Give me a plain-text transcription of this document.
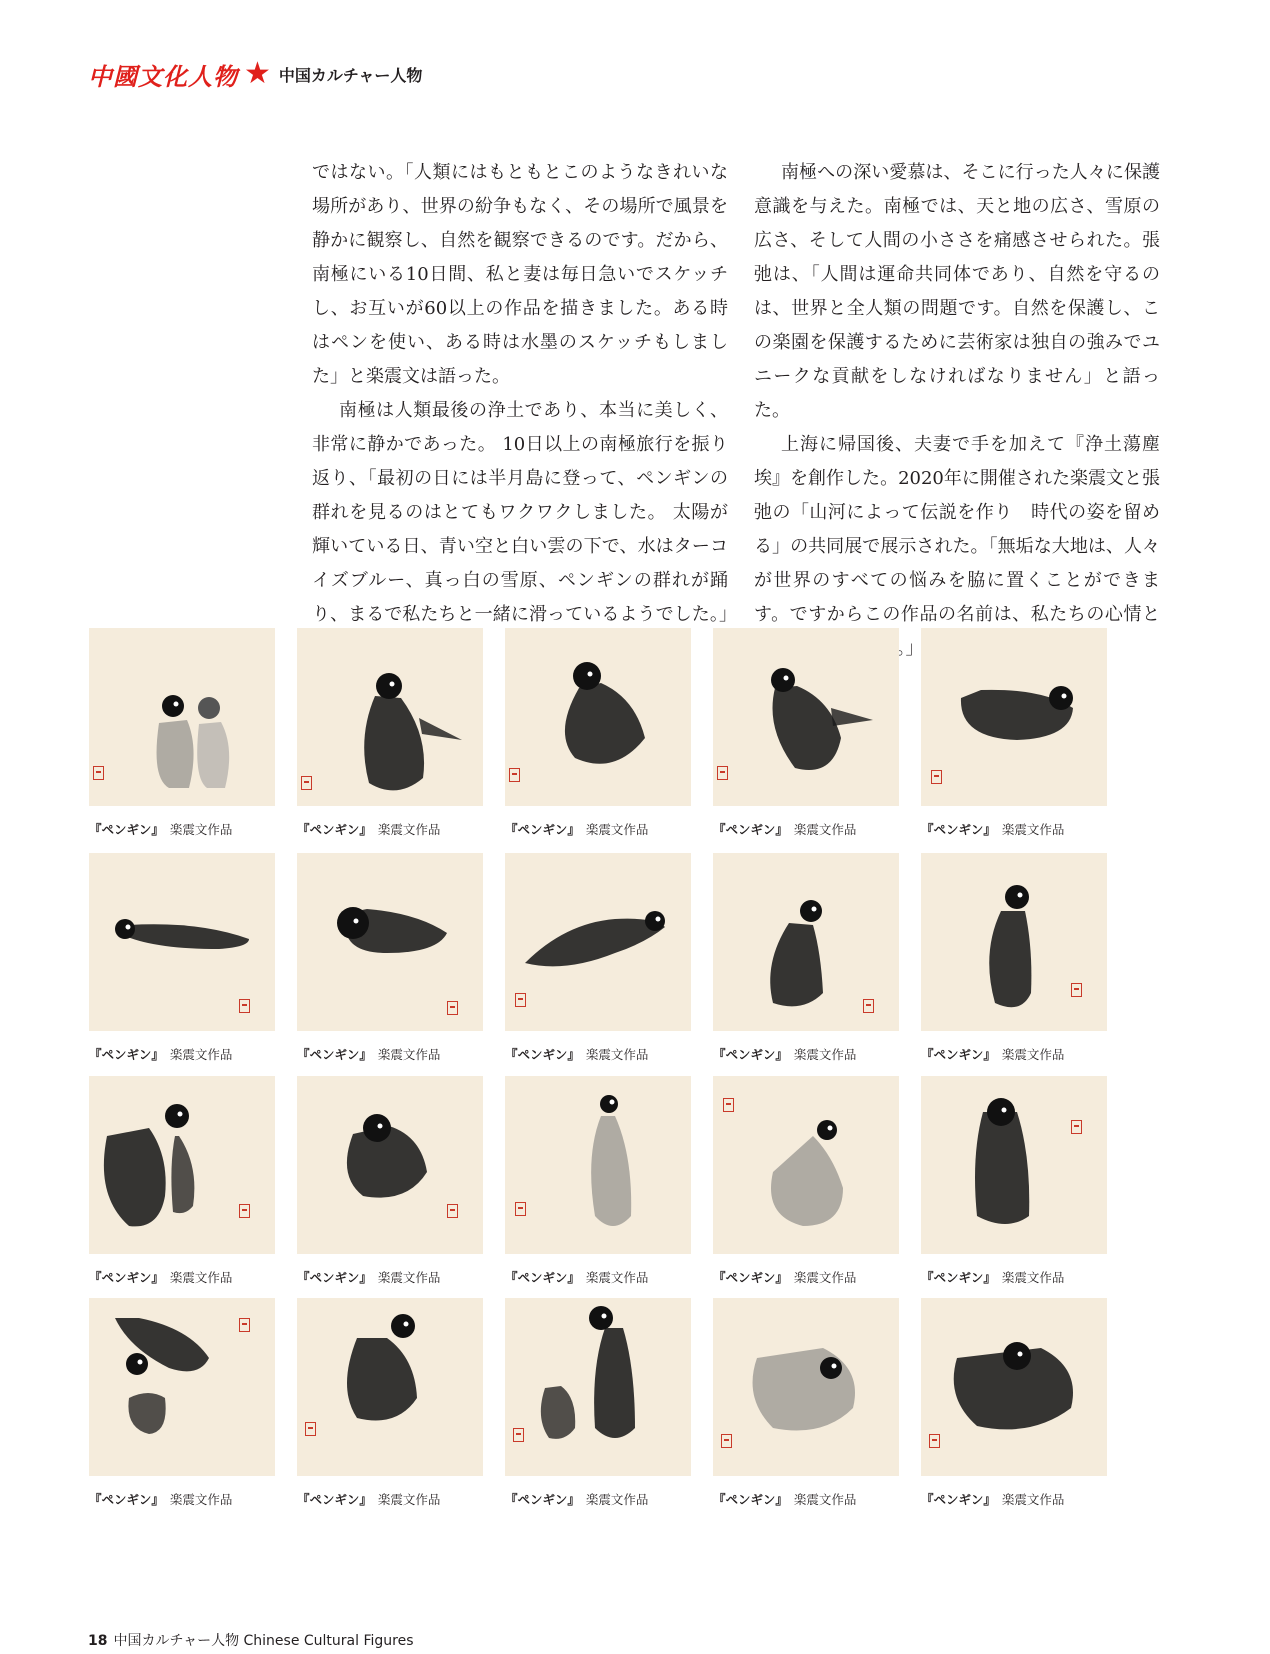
中國文化人物 ★ 中国カルチャー人物

ではない。「人類にはもともとこのようなきれいな場所があり、世界の紛争もなく、その場所で風景を静かに観察し、自然を観察できるのです。だから、南極にいる10日間、私と妻は毎日急いでスケッチし、お互いが60以上の作品を描きました。ある時はペンを使い、ある時は水墨のスケッチもしました」と楽震文は語った。

南極は人類最後の浄土であり、本当に美しく、非常に静かであった。 10日以上の南極旅行を振り返り、「最初の日には半月島に登って、ペンギンの群れを見るのはとてもワクワクしました。 太陽が輝いている日、青い空と白い雲の下で、水はターコイズブルー、真っ白の雪原、ペンギンの群れが踊り、まるで私たちと一緒に滑っているようでした。」

南極への深い愛慕は、そこに行った人々に保護意識を与えた。南極では、天と地の広さ、雪原の広さ、そして人間の小ささを痛感させられた。張弛は、「人間は運命共同体であり、自然を守るのは、世界と全人類の問題です。自然を保護し、この楽園を保護するために芸術家は独自の強みでユニークな貢献をしなければなりません」と語った。

上海に帰国後、夫妻で手を加えて『浄土蕩塵埃』を創作した。2020年に開催された楽震文と張弛の「山河によって伝説を作り　時代の姿を留める」の共同展で展示された。「無垢な大地は、人々が世界のすべての悩みを脇に置くことができます。ですからこの作品の名前は、私たちの心情と す。」

『ペンギン』 楽震文作品	『ペンギン』 楽震文作品	『ペンギン』 楽震文作品	『ペンギン』 楽震文作品	『ペンギン』 楽震文作品
『ペンギン』 楽震文作品	『ペンギン』 楽震文作品	『ペンギン』 楽震文作品	『ペンギン』 楽震文作品	『ペンギン』 楽震文作品
『ペンギン』 楽震文作品	『ペンギン』 楽震文作品	『ペンギン』 楽震文作品	『ペンギン』 楽震文作品	『ペンギン』 楽震文作品
『ペンギン』 楽震文作品	『ペンギン』 楽震文作品	『ペンギン』 楽震文作品	『ペンギン』 楽震文作品	『ペンギン』 楽震文作品
18 中国カルチャー人物 Chinese Cultural Figures
